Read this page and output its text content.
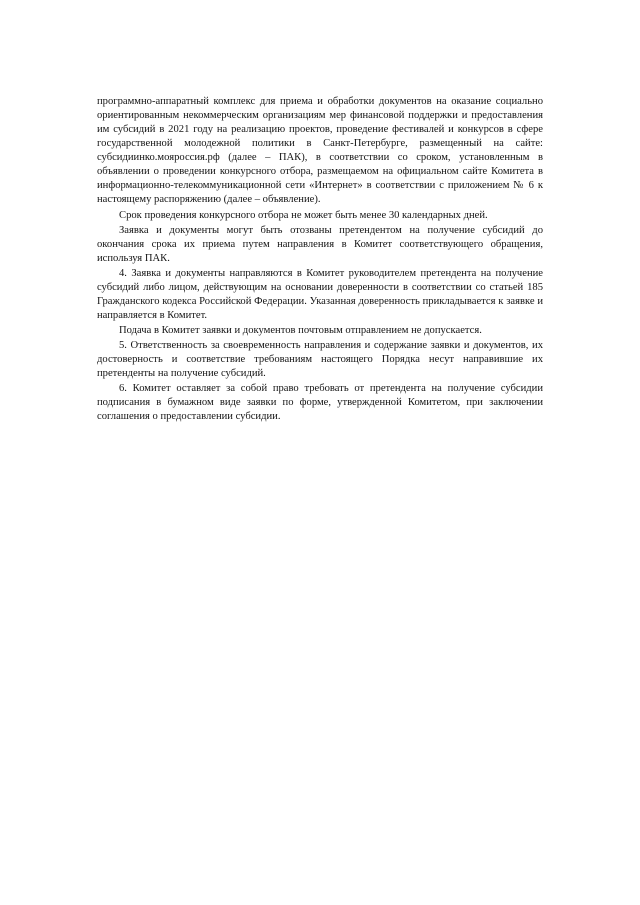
программно-аппаратный комплекс для приема и обработки документов на оказание социально ориентированным некоммерческим организациям мер финансовой поддержки и предоставления им субсидий в 2021 году на реализацию проектов, проведение фестивалей и конкурсов в сфере государственной молодежной политики в Санкт-Петербурге, размещенный на сайте: субсидиинко.мояроссия.рф (далее – ПАК), в соответствии со сроком, установленным в объявлении о проведении конкурсного отбора, размещаемом на официальном сайте Комитета в информационно-телекоммуникационной сети «Интернет» в соответствии с приложением № 6 к настоящему распоряжению (далее – объявление).

Срок проведения конкурсного отбора не может быть менее 30 календарных дней.

Заявка и документы могут быть отозваны претендентом на получение субсидий до окончания срока их приема путем направления в Комитет соответствующего обращения, используя ПАК.

4. Заявка и документы направляются в Комитет руководителем претендента на получение субсидий либо лицом, действующим на основании доверенности в соответствии со статьей 185 Гражданского кодекса Российской Федерации. Указанная доверенность прикладывается к заявке и направляется в Комитет.

Подача в Комитет заявки и документов почтовым отправлением не допускается.

5. Ответственность за своевременность направления и содержание заявки и документов, их достоверность и соответствие требованиям настоящего Порядка несут направившие их претенденты на получение субсидий.

6. Комитет оставляет за собой право требовать от претендента на получение субсидии подписания в бумажном виде заявки по форме, утвержденной Комитетом, при заключении соглашения о предоставлении субсидии.
